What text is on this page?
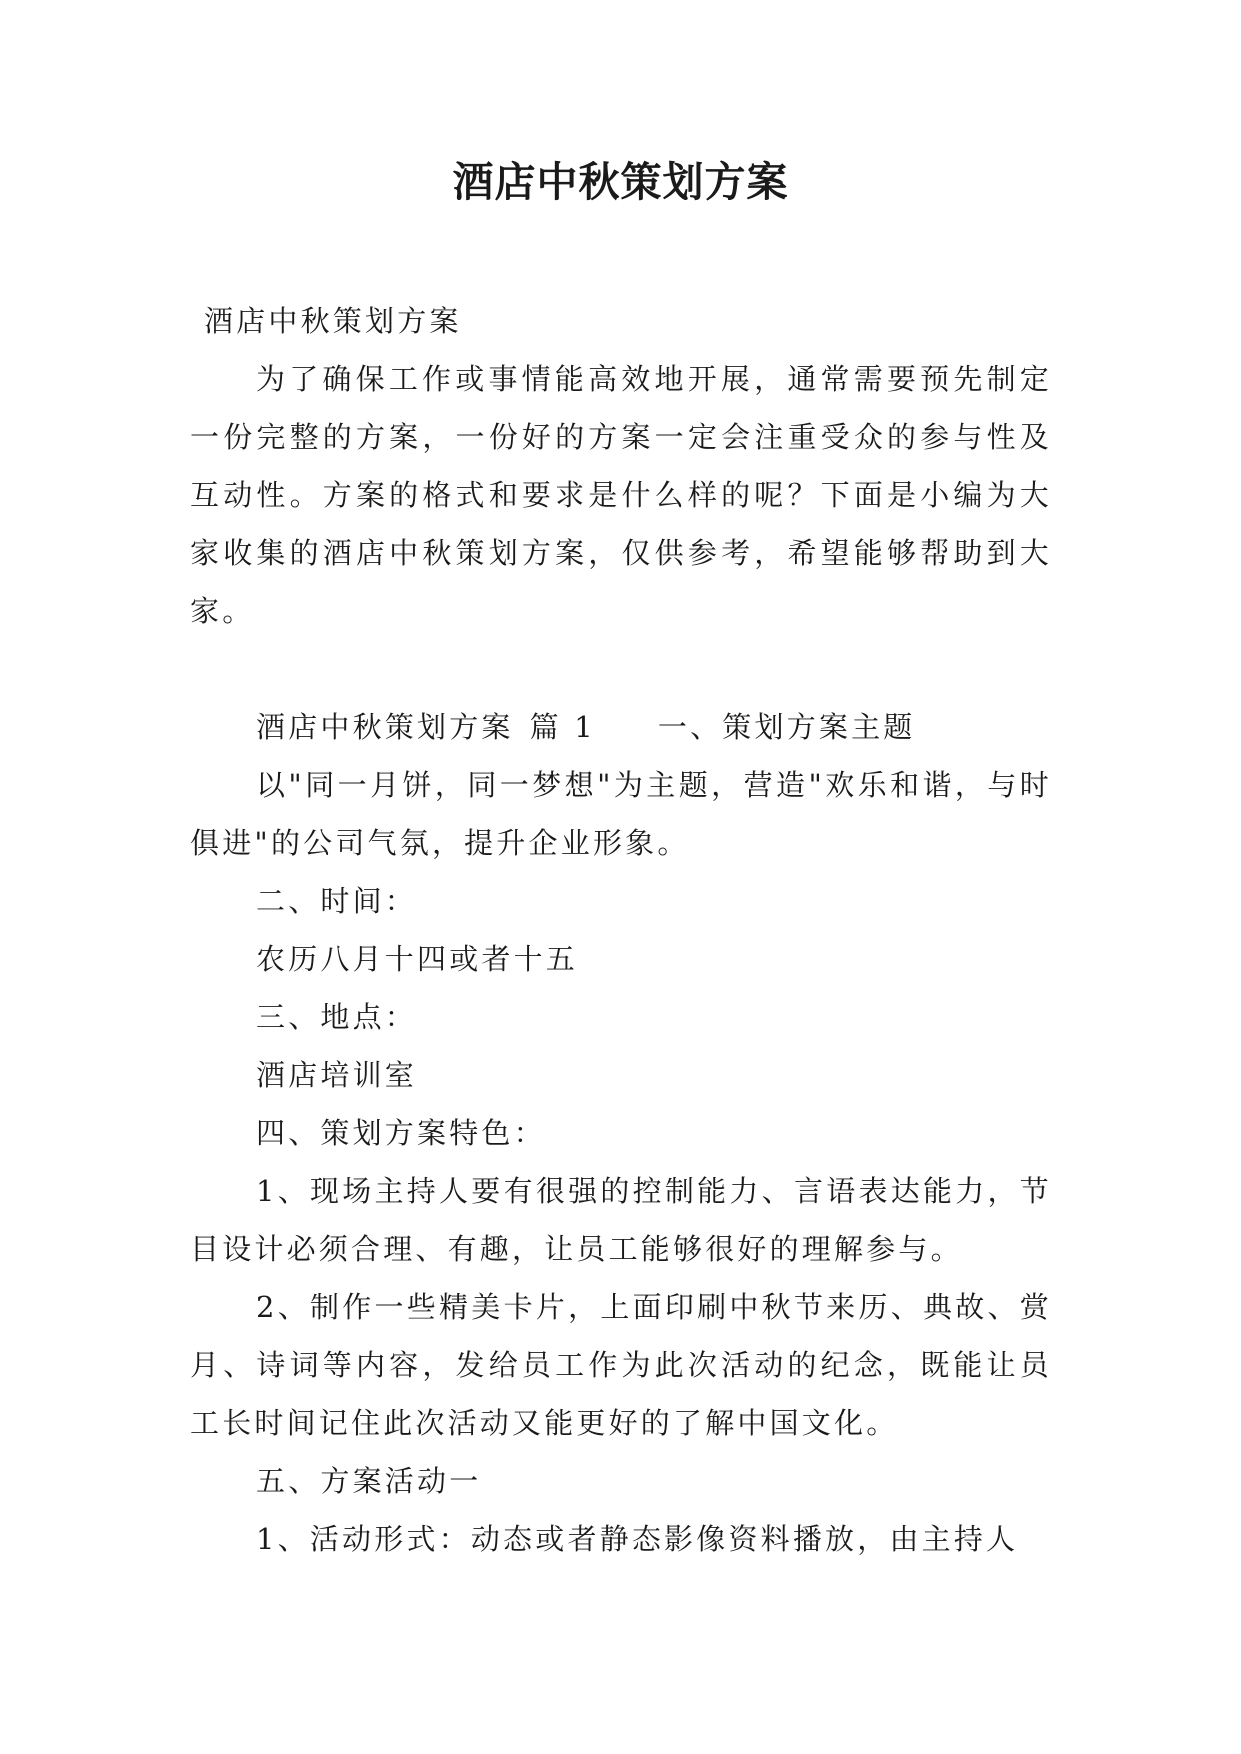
酒店中秋策划方案

酒店中秋策划方案

为了确保工作或事情能高效地开展，通常需要预先制定一份完整的方案，一份好的方案一定会注重受众的参与性及互动性。方案的格式和要求是什么样的呢？下面是小编为大家收集的酒店中秋策划方案，仅供参考，希望能够帮助到大家。

酒店中秋策划方案 篇 1 一、策划方案主题

以"同一月饼，同一梦想"为主题，营造"欢乐和谐，与时俱进"的公司气氛，提升企业形象。

二、时间：

农历八月十四或者十五

三、地点：

酒店培训室

四、策划方案特色：

1、现场主持人要有很强的控制能力、言语表达能力，节目设计必须合理、有趣，让员工能够很好的理解参与。

2、制作一些精美卡片，上面印刷中秋节来历、典故、赏月、诗词等内容，发给员工作为此次活动的纪念，既能让员工长时间记住此次活动又能更好的了解中国文化。

五、方案活动一

1、活动形式：动态或者静态影像资料播放，由主持人
